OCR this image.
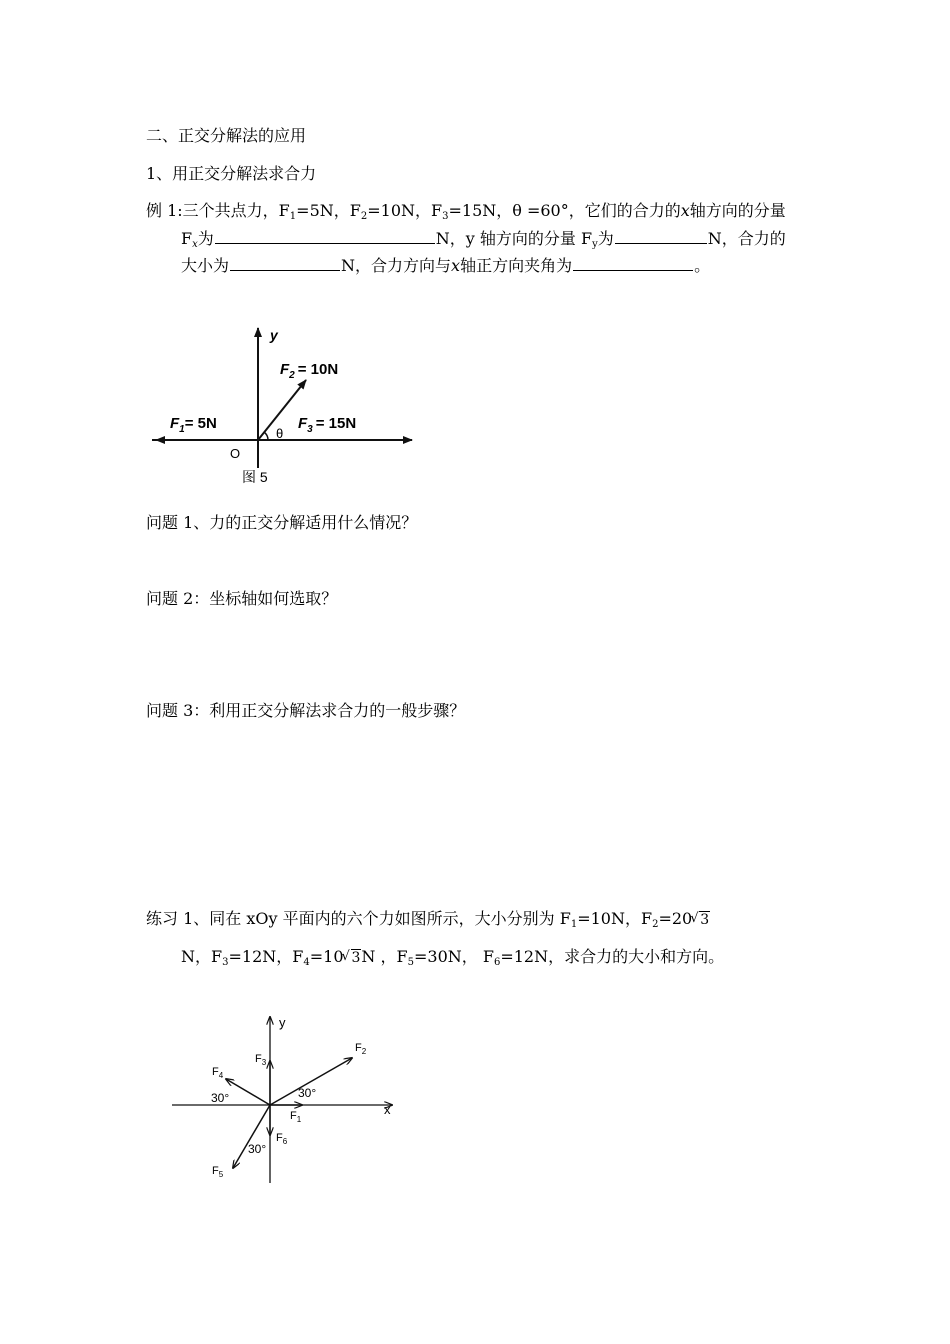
二、正交分解法的应用
1、用正交分解法求合力
例 1:三个共点力，$F_1=5N$，$F_2=10N$，$F_3=15N$，θ =60°，它们的合力的x轴方向的分量
$F_x$为	N，y 轴方向的分量 $F_y$为	N，合力的
大小为	N，合力方向与x轴正方向夹角为	。
y
$F_2 = 10N$
$F_1= 5N$	$F_3 = 15N$
θ
O
图 5
问题 1、力的正交分解适用什么情况？
问题 2：坐标轴如何选取？
问题 3：利用正交分解法求合力的一般步骤？
练习 1、同在 xOy 平面内的六个力如图所示，大小分别为 $F_1=10N$，$F_2=20√$ 3
N，$F_3=12N$，$F_4=10√$ 3N ，$F_5=30N$， $F_6=12N$，求合力的大小和方向。
y
x
$F_1$
$F_2$
$F_3$
$F_4$
$F_5$
$F_6$
30°
30°
30°
